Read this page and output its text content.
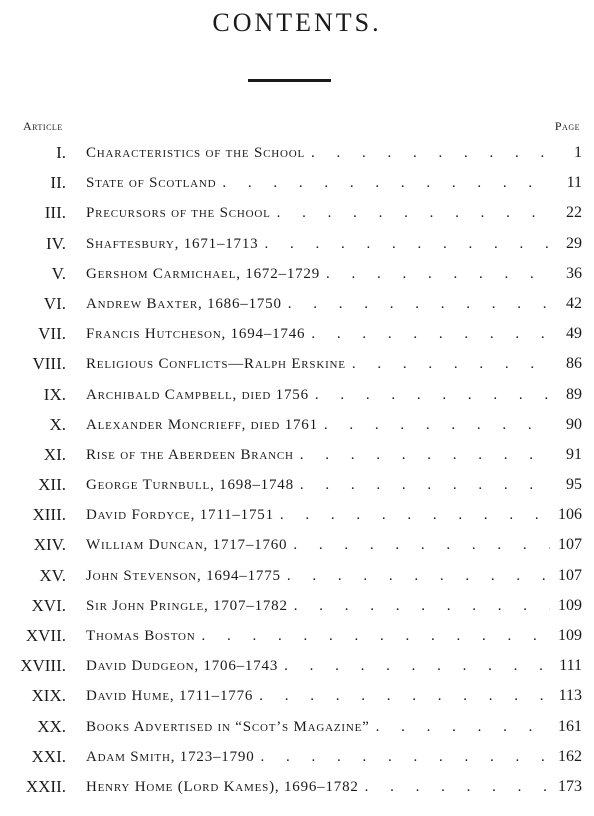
CONTENTS.
Article	Page
I. Characteristics of the School . . .	1
II. State of Scotland . . .	11
III. Precursors of the School . . .	22
IV. Shaftesbury, 1671–1713 . . .	29
V. Gershom Carmichael, 1672–1729 . . .	36
VI. Andrew Baxter, 1686–1750 . . .	42
VII. Francis Hutcheson, 1694–1746 . . .	49
VIII. Religious Conflicts—Ralph Erskine . . .	86
IX. Archibald Campbell, died 1756 . . .	89
X. Alexander Moncrieff, died 1761 . . .	90
XI. Rise of the Aberdeen Branch . . .	91
XII. George Turnbull, 1698–1748 . . .	95
XIII. David Fordyce, 1711–1751 . . .	106
XIV. William Duncan, 1717–1760 . . .	107
XV. John Stevenson, 1694–1775 . . .	107
XVI. Sir John Pringle, 1707–1782 . . .	109
XVII. Thomas Boston . . .	109
XVIII. David Dudgeon, 1706–1743 . . .	111
XIX. David Hume, 1711–1776 . . .	113
XX. Books Advertised in “Scot’s Magazine” . . .	161
XXI. Adam Smith, 1723–1790 . . .	162
XXII. Henry Home (Lord Kames), 1696–1782 . . .	173
